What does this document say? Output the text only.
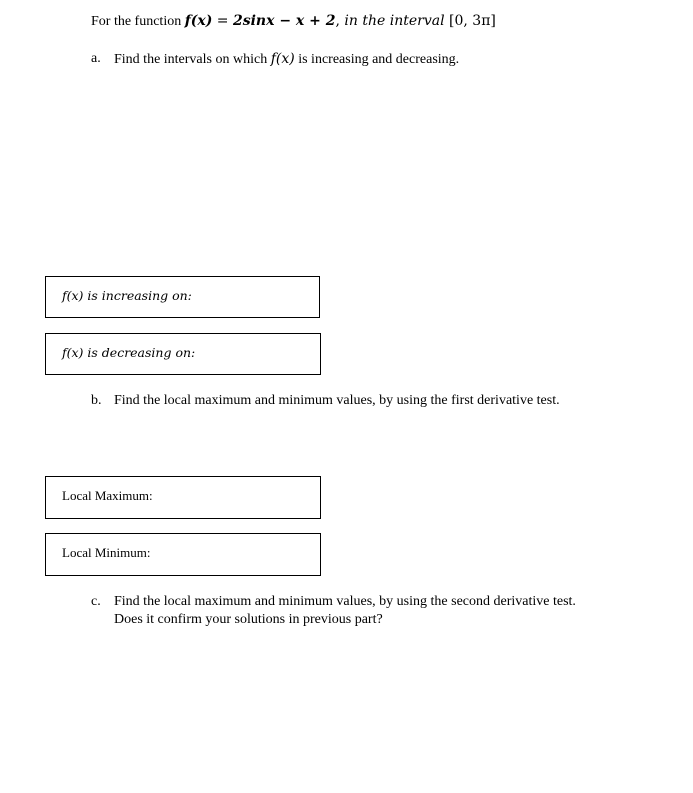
For the function f(x) = 2sinx − x + 2, in the interval [0, 3π]
a. Find the intervals on which f(x) is increasing and decreasing.
f(x) is increasing on:
f(x) is decreasing on:
b. Find the local maximum and minimum values, by using the first derivative test.
Local Maximum:
Local Minimum:
c. Find the local maximum and minimum values, by using the second derivative test.
Does it confirm your solutions in previous part?
